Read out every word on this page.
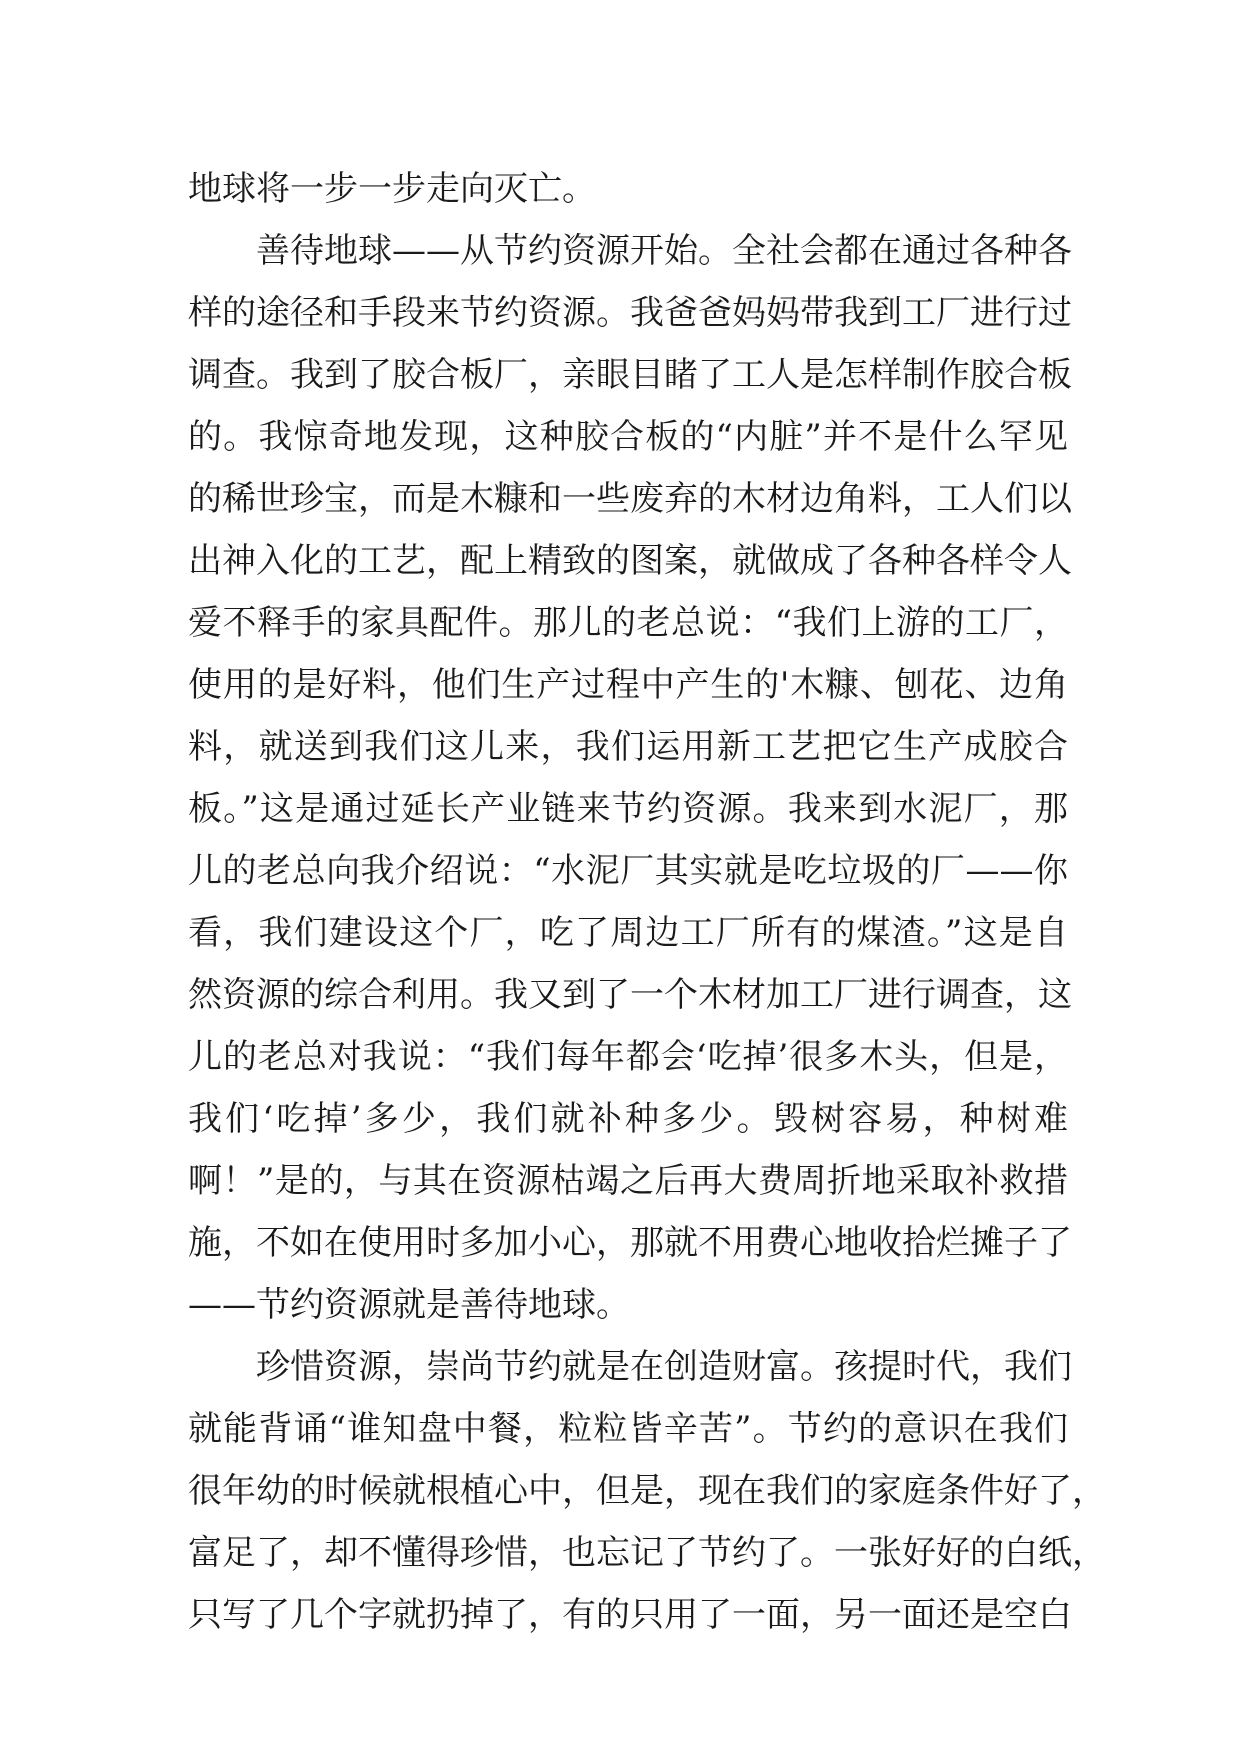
地球将一步一步走向灭亡。
善待地球——从节约资源开始。全社会都在通过各种各
样的途径和手段来节约资源。我爸爸妈妈带我到工厂进行过
调查。我到了胶合板厂，亲眼目睹了工人是怎样制作胶合板
的。我惊奇地发现，这种胶合板的“内脏”并不是什么罕见
的稀世珍宝，而是木糠和一些废弃的木材边角料，工人们以
出神入化的工艺，配上精致的图案，就做成了各种各样令人
爱不释手的家具配件。那儿的老总说：“我们上游的工厂，
使用的是好料，他们生产过程中产生的'木糠、刨花、边角
料，就送到我们这儿来，我们运用新工艺把它生产成胶合
板。”这是通过延长产业链来节约资源。我来到水泥厂，那
儿的老总向我介绍说：“水泥厂其实就是吃垃圾的厂——你
看，我们建设这个厂，吃了周边工厂所有的煤渣。”这是自
然资源的综合利用。我又到了一个木材加工厂进行调查，这
儿的老总对我说：“我们每年都会‘吃掉’很多木头，但是，
我们‘吃掉’多少，我们就补种多少。毁树容易，种树难
啊！”是的，与其在资源枯竭之后再大费周折地采取补救措
施，不如在使用时多加小心，那就不用费心地收拾烂摊子了
——节约资源就是善待地球。
珍惜资源，崇尚节约就是在创造财富。孩提时代，我们
就能背诵“谁知盘中餐，粒粒皆辛苦”。节约的意识在我们
很年幼的时候就根植心中，但是，现在我们的家庭条件好了，
富足了，却不懂得珍惜，也忘记了节约了。一张好好的白纸，
只写了几个字就扔掉了，有的只用了一面，另一面还是空白
